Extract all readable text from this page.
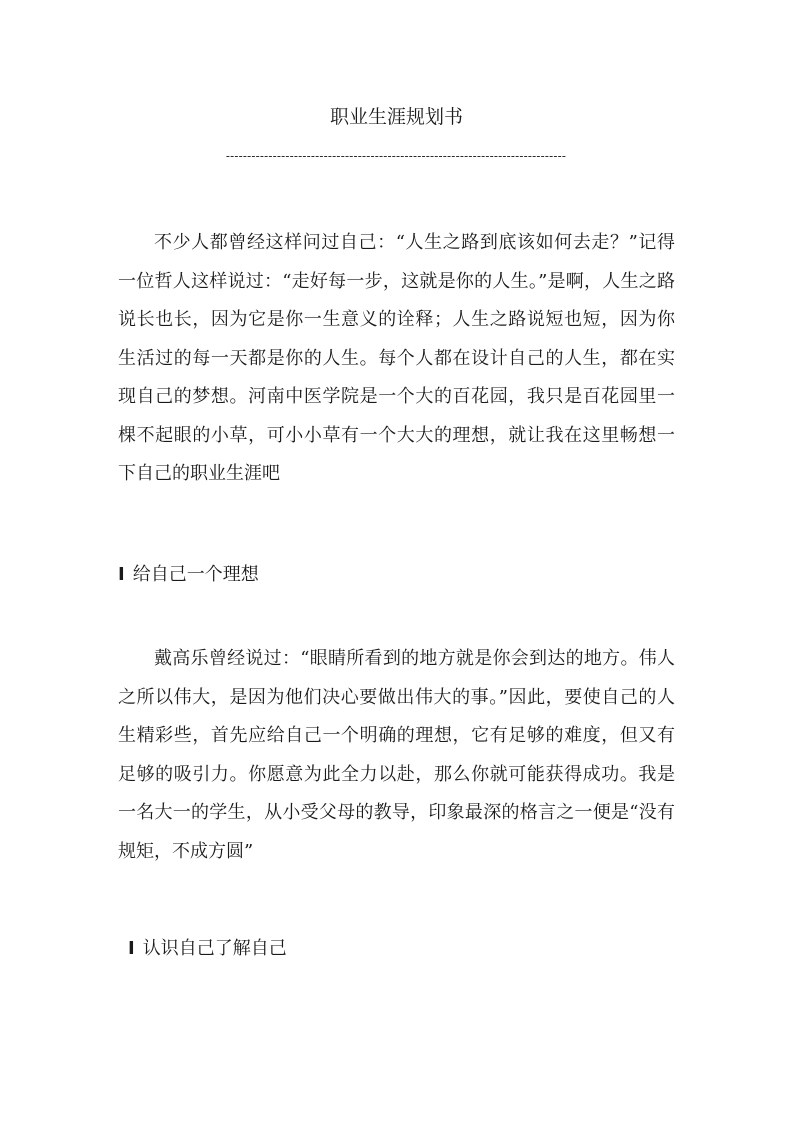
职业生涯规划书
--------------------------------------------------------------------------------

不少人都曾经这样问过自己：“人生之路到底该如何去走？”记得一位哲人这样说过：“走好每一步，这就是你的人生。”是啊，人生之路说长也长，因为它是你一生意义的诠释；人生之路说短也短，因为你生活过的每一天都是你的人生。每个人都在设计自己的人生，都在实现自己的梦想。河南中医学院是一个大的百花园，我只是百花园里一棵不起眼的小草，可小小草有一个大大的理想，就让我在这里畅想一下自己的职业生涯吧

I 给自己一个理想

戴高乐曾经说过：“眼睛所看到的地方就是你会到达的地方。伟人之所以伟大，是因为他们决心要做出伟大的事。”因此，要使自己的人生精彩些，首先应给自己一个明确的理想，它有足够的难度，但又有足够的吸引力。你愿意为此全力以赴，那么你就可能获得成功。我是一名大一的学生，从小受父母的教导，印象最深的格言之一便是“没有规矩，不成方圆”

I 认识自己了解自己
